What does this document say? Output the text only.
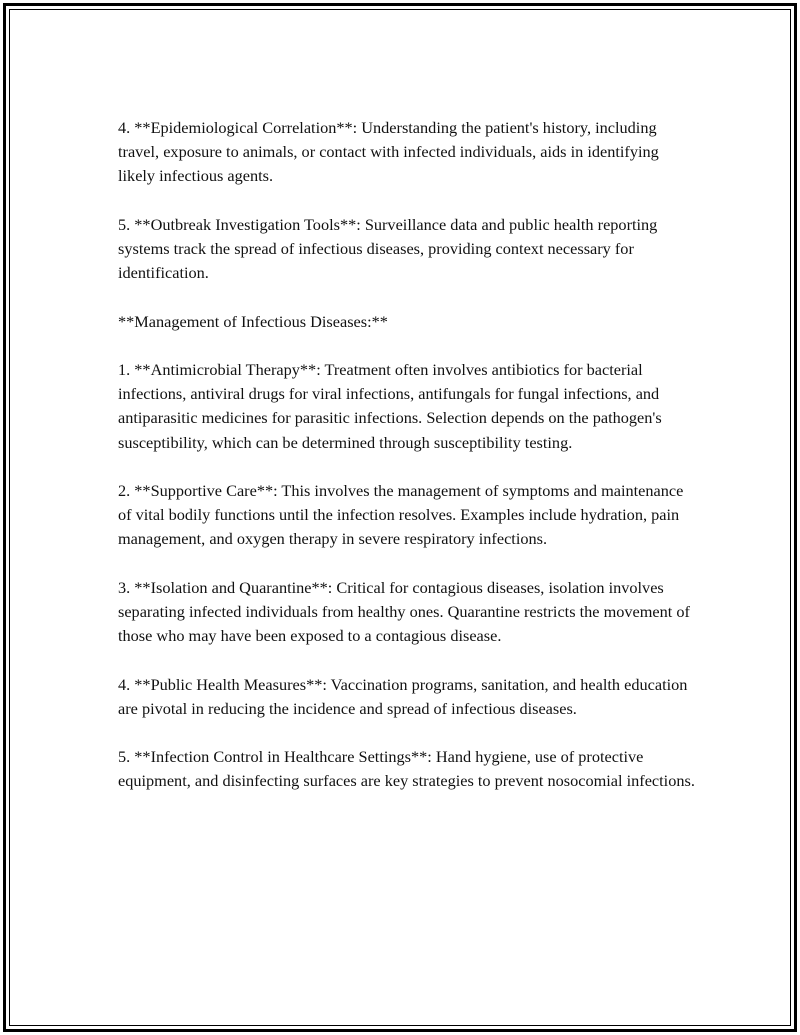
4. **Epidemiological Correlation**: Understanding the patient's history, including travel, exposure to animals, or contact with infected individuals, aids in identifying likely infectious agents.

5. **Outbreak Investigation Tools**: Surveillance data and public health reporting systems track the spread of infectious diseases, providing context necessary for identification.

**Management of Infectious Diseases:**

1. **Antimicrobial Therapy**: Treatment often involves antibiotics for bacterial infections, antiviral drugs for viral infections, antifungals for fungal infections, and antiparasitic medicines for parasitic infections. Selection depends on the pathogen's susceptibility, which can be determined through susceptibility testing.

2. **Supportive Care**: This involves the management of symptoms and maintenance of vital bodily functions until the infection resolves. Examples include hydration, pain management, and oxygen therapy in severe respiratory infections.

3. **Isolation and Quarantine**: Critical for contagious diseases, isolation involves separating infected individuals from healthy ones. Quarantine restricts the movement of those who may have been exposed to a contagious disease.

4. **Public Health Measures**: Vaccination programs, sanitation, and health education are pivotal in reducing the incidence and spread of infectious diseases.

5. **Infection Control in Healthcare Settings**: Hand hygiene, use of protective equipment, and disinfecting surfaces are key strategies to prevent nosocomial infections.
